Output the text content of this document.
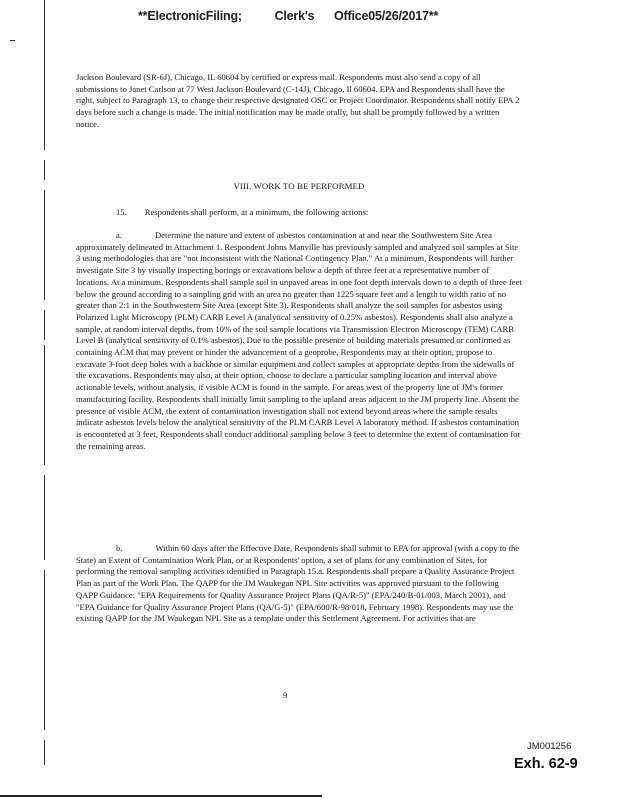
**ElectronicFiling;          Clerk's      Office05/26/2017**
Jackson Boulevard (SR-6J), Chicago, IL 60604 by certified or express mail. Respondents must also send a copy of all submissions to Janet Carlson at 77 West Jackson Boulevard (C-14J), Chicago, Il 60604. EPA and Respondents shall have the right, subject to Paragraph 13, to change their respective designated OSC or Project Coordinator. Respondents shall notify EPA 2 days before such a change is made. The initial notification may be made orally, but shall be promptly followed by a written notice.
VIII. WORK TO BE PERFORMED
15. Respondents shall perform, at a minimum, the following actions:
a.	Determine the nature and extent of asbestos contamination at and near the Southwestern Site Area approximately delineated in Attachment 1. Respondent Johns Manville has previously sampled and analyzed soil samples at Site 3 using methodologies that are "not inconsistent with the National Contingency Plan." At a minimum, Respondents will further investigate Site 3 by visually inspecting borings or excavations below a depth of three feet at a representative number of locations. At a minimum, Respondents shall sample soil in unpaved areas in one foot depth intervals down to a depth of three feet below the ground according to a sampling grid with an area no greater than 1225 square feet and a length to width ratio of no greater than 2:1 in the Southwestern Site Area (except Site 3). Respondents shall analyze the soil samples for asbestos using Polarized Light Microscopy (PLM) CARB Level A (analytical sensitivity of 0.25% asbestos). Respondents shall also analyze a sample, at random interval depths, from 10% of the soil sample locations via Transmission Electron Microscopy (TEM) CARB Level B (analytical sensitivity of 0.1% asbestos). Due to the possible presence of building materials presumed or confirmed as containing ACM that may prevent or hinder the advancement of a geoprobe, Respondents may at their option, propose to excavate 3-foot deep holes with a backhoe or similar equipment and collect samples at appropriate depths from the sidewalls of the excavations. Respondents may also, at their option, choose to declare a particular sampling location and interval above actionable levels, without analysis, if visible ACM is found in the sample. For areas west of the property line of JM's former manufacturing facility, Respondents shall initially limit sampling to the upland areas adjacent to the JM property line. Absent the presence of visible ACM, the extent of contamination investigation shall not extend beyond areas where the sample results indicate asbestos levels below the analytical sensitivity of the PLM CARB Level A laboratory method. If asbestos contamination is encountered at 3 feet, Respondents shall conduct additional sampling below 3 feet to determine the extent of contamination for the remaining areas.
b.	Within 60 days after the Effective Date, Respondents shall submit to EPA for approval (with a copy to the State) an Extent of Contamination Work Plan, or at Respondents' option, a set of plans for any combination of Sites, for performing the removal sampling activities identified in Paragraph 15.a. Respondents shall prepare a Quality Assurance Project Plan as part of the Work Plan. The QAPP for the JM Waukegan NPL Site activities was approved pursuant to the following QAPP Guidance: "EPA Requirements for Quality Assurance Project Plans (QA/R-5)" (EPA/240/B-01/003, March 2001), and "EPA Guidance for Quality Assurance Project Plans (QA/G-5)" (EPA/600/R-98/018, February 1998). Respondents may use the existing QAPP for the JM Waukegan NPL Site as a template under this Settlement Agreement. For activities that are
9
JM001256
Exh. 62-9
